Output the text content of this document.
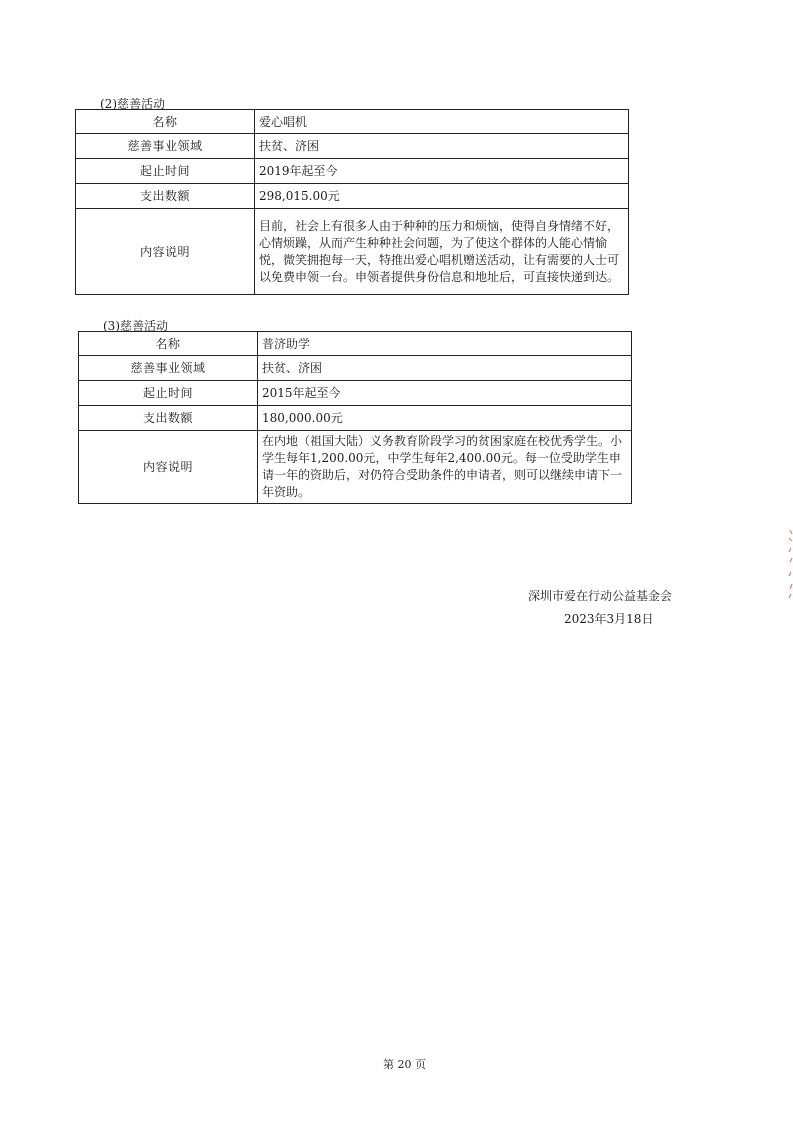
(2)慈善活动
名称	爱心唱机
慈善事业领域	扶贫、济困
起止时间	2019年起至今
支出数额	298,015.00元
内容说明	目前，社会上有很多人由于种种的压力和烦恼，使得自身情绪不好，心情烦躁，从而产生种种社会问题，为了使这个群体的人能心情愉悦，微笑拥抱每一天，特推出爱心唱机赠送活动，让有需要的人士可以免费申领一台。申领者提供身份信息和地址后，可直接快递到达。
(3)慈善活动
名称	普济助学
慈善事业领域	扶贫、济困
起止时间	2015年起至今
支出数额	180,000.00元
内容说明	在内地（祖国大陆）义务教育阶段学习的贫困家庭在校优秀学生。小学生每年1,200.00元，中学生每年2,400.00元。每一位受助学生申请一年的资助后，对仍符合受助条件的申请者，则可以继续申请下一年资助。
深圳市爱在行动公益基金会
2023年3月18日
第 20 页
